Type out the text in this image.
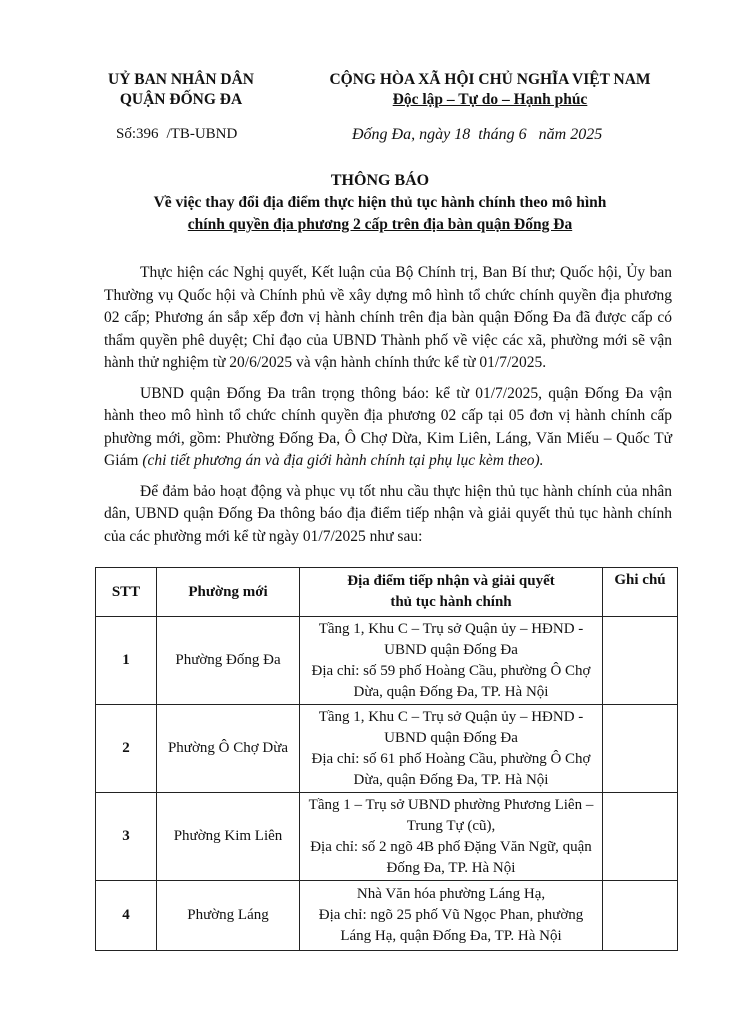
UỶ BAN NHÂN DÂN
QUẬN ĐỐNG ĐA
CỘNG HÒA XÃ HỘI CHỦ NGHĨA VIỆT NAM
Độc lập – Tự do – Hạnh phúc
Số:396 /TB-UBND	Đống Đa, ngày 18 tháng 6 năm 2025
THÔNG BÁO
Về việc thay đổi địa điểm thực hiện thủ tục hành chính theo mô hình
chính quyền địa phương 2 cấp trên địa bàn quận Đống Đa

Thực hiện các Nghị quyết, Kết luận của Bộ Chính trị, Ban Bí thư; Quốc hội, Ủy ban Thường vụ Quốc hội và Chính phủ về xây dựng mô hình tổ chức chính quyền địa phương 02 cấp; Phương án sắp xếp đơn vị hành chính trên địa bàn quận Đống Đa đã được cấp có thẩm quyền phê duyệt; Chỉ đạo của UBND Thành phố về việc các xã, phường mới sẽ vận hành thử nghiệm từ 20/6/2025 và vận hành chính thức kể từ 01/7/2025.

UBND quận Đống Đa trân trọng thông báo: kể từ 01/7/2025, quận Đống Đa vận hành theo mô hình tổ chức chính quyền địa phương 02 cấp tại 05 đơn vị hành chính cấp phường mới, gồm: Phường Đống Đa, Ô Chợ Dừa, Kim Liên, Láng, Văn Miếu – Quốc Tử Giám (chi tiết phương án và địa giới hành chính tại phụ lục kèm theo).

Để đảm bảo hoạt động và phục vụ tốt nhu cầu thực hiện thủ tục hành chính của nhân dân, UBND quận Đống Đa thông báo địa điểm tiếp nhận và giải quyết thủ tục hành chính của các phường mới kể từ ngày 01/7/2025 như sau:

STT	Phường mới	Địa điểm tiếp nhận và giải quyết
thủ tục hành chính	Ghi chú
1	Phường Đống Đa	Tầng 1, Khu C – Trụ sở Quận ủy – HĐND -
UBND quận Đống Đa
Địa chỉ: số 59 phố Hoàng Cầu, phường Ô Chợ
Dừa, quận Đống Đa, TP. Hà Nội	

2	Phường Ô Chợ Dừa	Tầng 1, Khu C – Trụ sở Quận ủy – HĐND -
UBND quận Đống Đa
Địa chỉ: số 61 phố Hoàng Cầu, phường Ô Chợ
Dừa, quận Đống Đa, TP. Hà Nội	

3	Phường Kim Liên	Tầng 1 – Trụ sở UBND phường Phương Liên –
Trung Tự (cũ),
Địa chỉ: số 2 ngõ 4B phố Đặng Văn Ngữ, quận
Đống Đa, TP. Hà Nội	

4	Phường Láng	Nhà Văn hóa phường Láng Hạ,
Địa chỉ: ngõ 25 phố Vũ Ngọc Phan, phường
Láng Hạ, quận Đống Đa, TP. Hà Nội	
